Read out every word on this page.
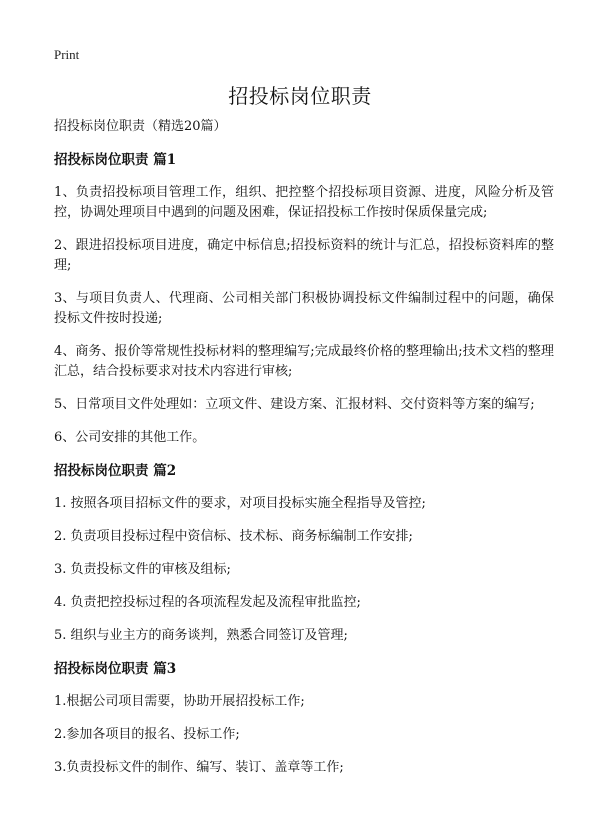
Print
招投标岗位职责

招投标岗位职责（精选20篇）

招投标岗位职责 篇1

1、负责招投标项目管理工作，组织、把控整个招投标项目资源、进度，风险分析及管控，协调处理项目中遇到的问题及困难，保证招投标工作按时保质保量完成;

2、跟进招投标项目进度，确定中标信息;招投标资料的统计与汇总，招投标资料库的整理;

3、与项目负责人、代理商、公司相关部门积极协调投标文件编制过程中的问题，确保投标文件按时投递;

4、商务、报价等常规性投标材料的整理编写;完成最终价格的整理输出;技术文档的整理汇总，结合投标要求对技术内容进行审核;

5、日常项目文件处理如：立项文件、建设方案、汇报材料、交付资料等方案的编写;

6、公司安排的其他工作。

招投标岗位职责 篇2

1. 按照各项目招标文件的要求，对项目投标实施全程指导及管控;

2. 负责项目投标过程中资信标、技术标、商务标编制工作安排;

3. 负责投标文件的审核及组标;

4. 负责把控投标过程的各项流程发起及流程审批监控;

5. 组织与业主方的商务谈判，熟悉合同签订及管理;

招投标岗位职责 篇3

1.根据公司项目需要，协助开展招投标工作;

2.参加各项目的报名、投标工作;

3.负责投标文件的制作、编写、装订、盖章等工作;
